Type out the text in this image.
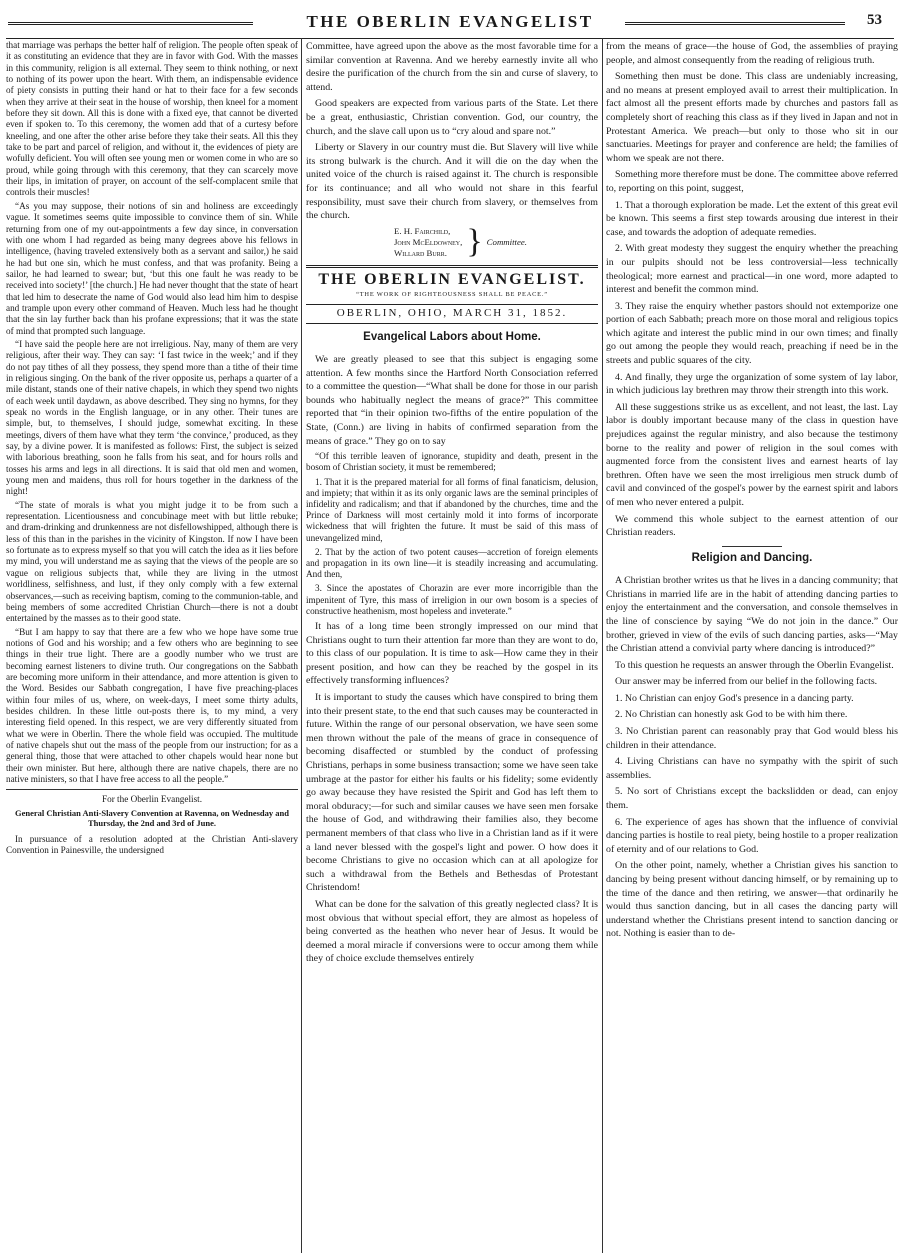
THE OBERLIN EVANGELIST	53

that marriage was perhaps the better half of religion. The people often speak of it as constituting an evidence that they are in favor with God. With the masses in this community, religion is all external. They seem to think nothing, or next to nothing of its power upon the heart. With them, an indispensable evidence of piety consists in putting their hand or hat to their face for a few seconds when they arrive at their seat in the house of worship, then kneel for a moment before they sit down. All this is done with a fixed eye, that cannot be diverted even if spoken to. To this ceremony, the women add that of a curtesy before kneeling, and one after the other arise before they take their seats. All this they take to be part and parcel of religion, and without it, the evidences of piety are wofully deficient. You will often see young men or women come in who are so proud, while going through with this ceremony, that they can scarcely move their lips, in imitation of prayer, on account of the self-complacent smile that controls their muscles!

“As you may suppose, their notions of sin and holiness are exceedingly vague. It sometimes seems quite impossible to convince them of sin. While returning from one of my out-appointments a few day since, in conversation with one whom I had regarded as being many degrees above his fellows in intelligence, (having traveled extensively both as a servant and sailor,) he said he had but one sin, which he must confess, and that was profanity. Being a sailor, he had learned to swear; but, ‘but this one fault he was ready to be received into society!’ [the church.] He had never thought that the state of heart that led him to desecrate the name of God would also lead him him to despise and trample upon every other command of Heaven. Much less had he thought that the sin lay further back than his profane expressions; that it was the state of mind that prompted such language.

“I have said the people here are not irreligious. Nay, many of them are very religious, after their way. They can say: ‘I fast twice in the week;’ and if they do not pay tithes of all they possess, they spend more than a tithe of their time in religious singing. On the bank of the river opposite us, perhaps a quarter of a mile distant, stands one of their native chapels, in which they spend two nights of each week until daydawn, as above described. They sing no hymns, for they speak no words in the English language, or in any other. Their tunes are simple, but, to themselves, I should judge, somewhat exciting. In these meetings, divers of them have what they term ‘the convince,’ produced, as they say, by a divine power. It is manifested as follows: First, the subject is seized with laborious breathing, soon he falls from his seat, and for hours rolls and tosses his arms and legs in all directions. It is said that old men and women, young men and maidens, thus roll for hours together in the darkness of the night!

“The state of morals is what you might judge it to be from such a representation. Licentiousness and concubinage meet with but little rebuke; and dram-drinking and drunkenness are not disfellowshipped, although there is less of this than in the parishes in the vicinity of Kingston. If now I have been so fortunate as to express myself so that you will catch the idea as it lies before my mind, you will understand me as saying that the views of the people are so vague on religious subjects that, while they are living in the utmost worldliness, selfishness, and lust, if they only comply with a few external observances,—such as receiving baptism, coming to the communion-table, and being members of some accredited Christian Church—there is not a doubt entertained by the masses as to their good state.

“But I am happy to say that there are a few who we hope have some true notions of God and his worship; and a few others who are beginning to see things in their true light. There are a goodly number who we trust are becoming earnest listeners to divine truth. Our congregations on the Sabbath are becoming more uniform in their attendance, and more attention is given to the Word. Besides our Sabbath congregation, I have five preaching-places within four miles of us, where, on week-days, I meet some thirty adults, besides children. In these little out-posts there is, to my mind, a very interesting field opened. In this respect, we are very differently situated from what we were in Oberlin. There the whole field was occupied. The multitude of native chapels shut out the mass of the people from our instruction; for as a general thing, those that were attached to other chapels would hear none but their own minister. But here, although there are native chapels, there are no native ministers, so that I have free access to all the people.”

For the Oberlin Evangelist.

General Christian Anti-Slavery Convention at Ravenna, on Wednesday and Thursday, the 2nd and 3rd of June.

In pursuance of a resolution adopted at the Christian Anti-slavery Convention in Painesville, the undersigned

Committee, have agreed upon the above as the most favorable time for a similar convention at Ravenna. And we hereby earnestly invite all who desire the purification of the church from the sin and curse of slavery, to attend.

Good speakers are expected from various parts of the State. Let there be a great, enthusiastic, Christian convention. God, our country, the church, and the slave call upon us to “cry aloud and spare not.”

Liberty or Slavery in our country must die. But Slavery will live while its strong bulwark is the church. And it will die on the day when the united voice of the church is raised against it. The church is responsible for its continuance; and all who would not share in this fearful responsibility, must save their church from slavery, or themselves from the church.

E. H. Fairchild,
John McEldowney,
Willard Burr. } Committee.
THE OBERLIN EVANGELIST.
“THE WORK OF RIGHTEOUSNESS SHALL BE PEACE.”
OBERLIN, OHIO, MARCH 31, 1852.
Evangelical Labors about Home.

We are greatly pleased to see that this subject is engaging some attention. A few months since the Hartford North Consociation referred to a committee the question—“What shall be done for those in our parish bounds who habitually neglect the means of grace?” This committee reported that “in their opinion two-fifths of the entire population of the State, (Conn.) are living in habits of confirmed separation from the means of grace.” They go on to say

“Of this terrible leaven of ignorance, stupidity and death, present in the bosom of Christian society, it must be remembered;

1. That it is the prepared material for all forms of final fanaticism, delusion, and impiety; that within it as its only organic laws are the seminal principles of infidelity and radicalism; and that if abandoned by the churches, time and the Prince of Darkness will most certainly mold it into forms of incorporate wickedness that will frighten the future. It must be said of this mass of unevangelized mind,

2. That by the action of two potent causes—accretion of foreign elements and propagation in its own line—it is steadily increasing and accumulating. And then,

3. Since the apostates of Chorazin are ever more incorrigible than the impenitent of Tyre, this mass of irreligion in our own bosom is a species of constructive heathenism, most hopeless and inveterate.”

It has of a long time been strongly impressed on our mind that Christians ought to turn their attention far more than they are wont to do, to this class of our population. It is time to ask—How came they in their present position, and how can they be reached by the gospel in its effectively transforming influences?

It is important to study the causes which have conspired to bring them into their present state, to the end that such causes may be counteracted in future. Within the range of our personal observation, we have seen some men thrown without the pale of the means of grace in consequence of becoming disaffected or stumbled by the conduct of professing Christians, perhaps in some business transaction; some we have seen take umbrage at the pastor for either his faults or his fidelity; some evidently go away because they have resisted the Spirit and God has left them to moral obduracy;—for such and similar causes we have seen men forsake the house of God, and withdrawing their families also, they become permanent members of that class who live in a Christian land as if it were a land never blessed with the gospel's light and power. O how does it become Christians to give no occasion which can at all apologize for such a withdrawal from the Bethels and Bethesdas of Protestant Christendom!

What can be done for the salvation of this greatly neglected class? It is most obvious that without special effort, they are almost as hopeless of being converted as the heathen who never hear of Jesus. It would be deemed a moral miracle if conversions were to occur among them while they of choice exclude themselves entirely

from the means of grace—the house of God, the assemblies of praying people, and almost consequently from the reading of religious truth.

Something then must be done. This class are undeniably increasing, and no means at present employed avail to arrest their multiplication. In fact almost all the present efforts made by churches and pastors fall as completely short of reaching this class as if they lived in Japan and not in Protestant America. We preach—but only to those who sit in our sanctuaries. Meetings for prayer and conference are held; the families of whom we speak are not there.

Something more therefore must be done. The committee above referred to, reporting on this point, suggest,

1. That a thorough exploration be made. Let the extent of this great evil be known. This seems a first step towards arousing due interest in their case, and towards the adoption of adequate remedies.

2. With great modesty they suggest the enquiry whether the preaching in our pulpits should not be less controversial—less technically theological; more earnest and practical—in one word, more adapted to interest and benefit the common mind.

3. They raise the enquiry whether pastors should not extemporize one portion of each Sabbath; preach more on those moral and religious topics which agitate and interest the public mind in our own times; and finally go out among the people they would reach, preaching if need be in the streets and public squares of the city.

4. And finally, they urge the organization of some system of lay labor, in which judicious lay brethren may throw their strength into this work.

All these suggestions strike us as excellent, and not least, the last. Lay labor is doubly important because many of the class in question have prejudices against the regular ministry, and also because the testimony borne to the reality and power of religion in the soul comes with augmented force from the consistent lives and earnest hearts of lay brethren. Often have we seen the most irreligious men struck dumb of cavil and convinced of the gospel's power by the earnest spirit and labors of men who never entered a pulpit.

We commend this whole subject to the earnest attention of our Christian readers.

Religion and Dancing.

A Christian brother writes us that he lives in a dancing community; that Christians in married life are in the habit of attending dancing parties to enjoy the entertainment and the conversation, and console themselves in the line of conscience by saying “We do not join in the dance.” Our brother, grieved in view of the evils of such dancing parties, asks—“May the Christian attend a convivial party where dancing is introduced?”

To this question he requests an answer through the Oberlin Evangelist.

Our answer may be inferred from our belief in the following facts.

1. No Christian can enjoy God's presence in a dancing party.

2. No Christian can honestly ask God to be with him there.

3. No Christian parent can reasonably pray that God would bless his children in their attendance.

4. Living Christians can have no sympathy with the spirit of such assemblies.

5. No sort of Christians except the backslidden or dead, can enjoy them.

6. The experience of ages has shown that the influence of convivial dancing parties is hostile to real piety, being hostile to a proper realization of eternity and of our relations to God.

On the other point, namely, whether a Christian gives his sanction to dancing by being present without dancing himself, or by remaining up to the time of the dance and then retiring, we answer—that ordinarily he would thus sanction dancing, but in all cases the dancing party will understand whether the Christians present intend to sanction dancing or not. Nothing is easier than to de-
